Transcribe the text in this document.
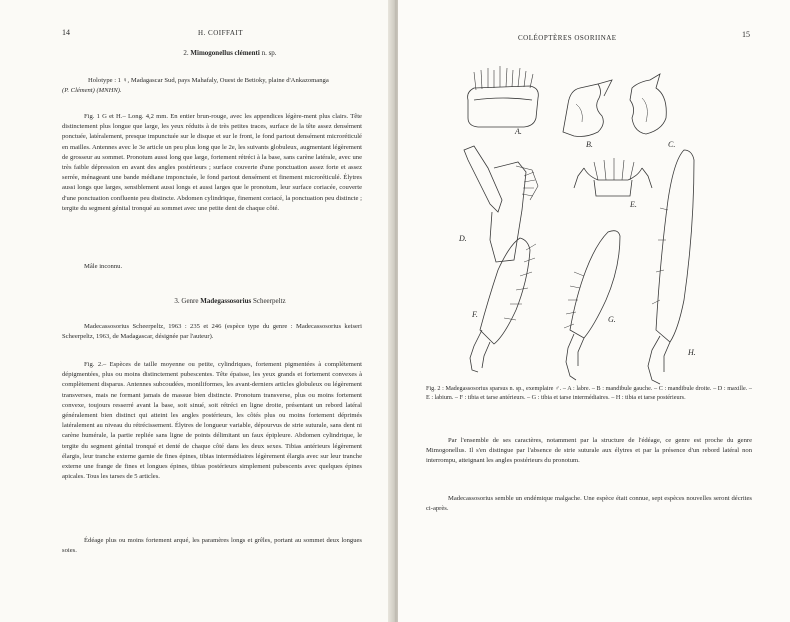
14	H. COIFFAIT
2. Mimogonellus clémenti n. sp.
Holotype : 1 ♀, Madagascar Sud, pays Mahafaly, Ouest de Betioky, plaine d'Ankazomanga
(P. Clément) (MNHN).
Fig. 1 G et H.– Long. 4,2 mm. En entier brun-rouge, avec les appendices légère-ment plus clairs. Tête distinctement plus longue que large, les yeux réduits à de très petites traces, surface de la tête assez densément ponctuée, latéralement, presque impunctuée sur le disque et sur le front, le fond partout densément microréticulé en mailles. Antennes avec le 3e article un peu plus long que le 2e, les suivants globuleux, augmentant légèrement de grosseur au sommet. Pronotum aussi long que large, fortement rétréci à la base, sans carène latérale, avec une très faible dépression en avant des angles postérieurs ; surface couverte d'une ponctuation assez forte et assez serrée, ménageant une bande médiane imponctuée, le fond partout densément et finement microréticulé. Élytres aussi longs que larges, sensiblement aussi longs et aussi larges que le pronotum, leur surface coriacée, couverte d'une ponctuation confluente peu distincte. Abdomen cylindrique, finement coriacé, la ponctuation peu distincte ; tergite du segment génital tronqué au sommet avec une petite dent de chaque côté.
Mâle inconnu.
3. Genre Madegassosorius Scheerpeltz
Madecassosorius Scheerpeltz, 1963 : 235 et 246 (espèce type du genre : Madecassosorius keiseri Scheerpeltz, 1963, de Madagascar, désignée par l'auteur).
Fig. 2.– Espèces de taille moyenne ou petite, cylindriques, fortement pigmentées à complètement dépigmentées, plus ou moins distinctement pubescentes. Tête épaisse, les yeux grands et fortement convexes à complètement disparus. Antennes subcoudées, moniliformes, les avant-derniers articles globuleux ou légèrement transverses, mais ne formant jamais de massue bien distincte. Pronotum transverse, plus ou moins fortement convexe, toujours resserré avant la base, soit sinué, soit rétréci en ligne droite, présentant un rebord latéral généralement bien distinct qui atteint les angles postérieurs, les côtés plus ou moins fortement déprimés latéralement au niveau du rétrécissement. Élytres de longueur variable, dépourvus de strie suturale, sans dent ni carène humérale, la partie repliée sans ligne de points délimitant un faux épipleure. Abdomen cylindrique, le tergite du segment génital tronqué et denté de chaque côté dans les deux sexes. Tibias antérieurs légèrement élargis, leur tranche externe garnie de fines épines, tibias intermédiaires légèrement élargis avec sur leur tranche externe une frange de fines et longues épines, tibias postérieurs simplement pubescents avec quelques épines apicales. Tous les tarses de 5 articles.
Édéage plus ou moins fortement arqué, les paramères longs et grêles, portant au sommet deux longues soies.
COLÉOPTÈRES OSORIINAE	15
A.
B.	C.
D.
E.
F.
G.
H.
Fig. 2 : Madegassosorius sparsus n. sp., exemplaire ♂. – A : labre. – B : mandibule gauche. – C : mandibule droite. – D : maxille. – E : labium. – F : tibia et tarse antérieurs. – G : tibia et tarse intermédiaires. – H : tibia et tarse postérieurs.
Par l'ensemble de ses caractères, notamment par la structure de l'édéage, ce genre est proche du genre Mimogonellus. Il s'en distingue par l'absence de strie suturale aux élytres et par la présence d'un rebord latéral non interrompu, atteignant les angles postérieurs du pronotum.
Madecassosorius semble un endémique malgache. Une espèce était connue, sept espèces nouvelles seront décrites ci-après.
